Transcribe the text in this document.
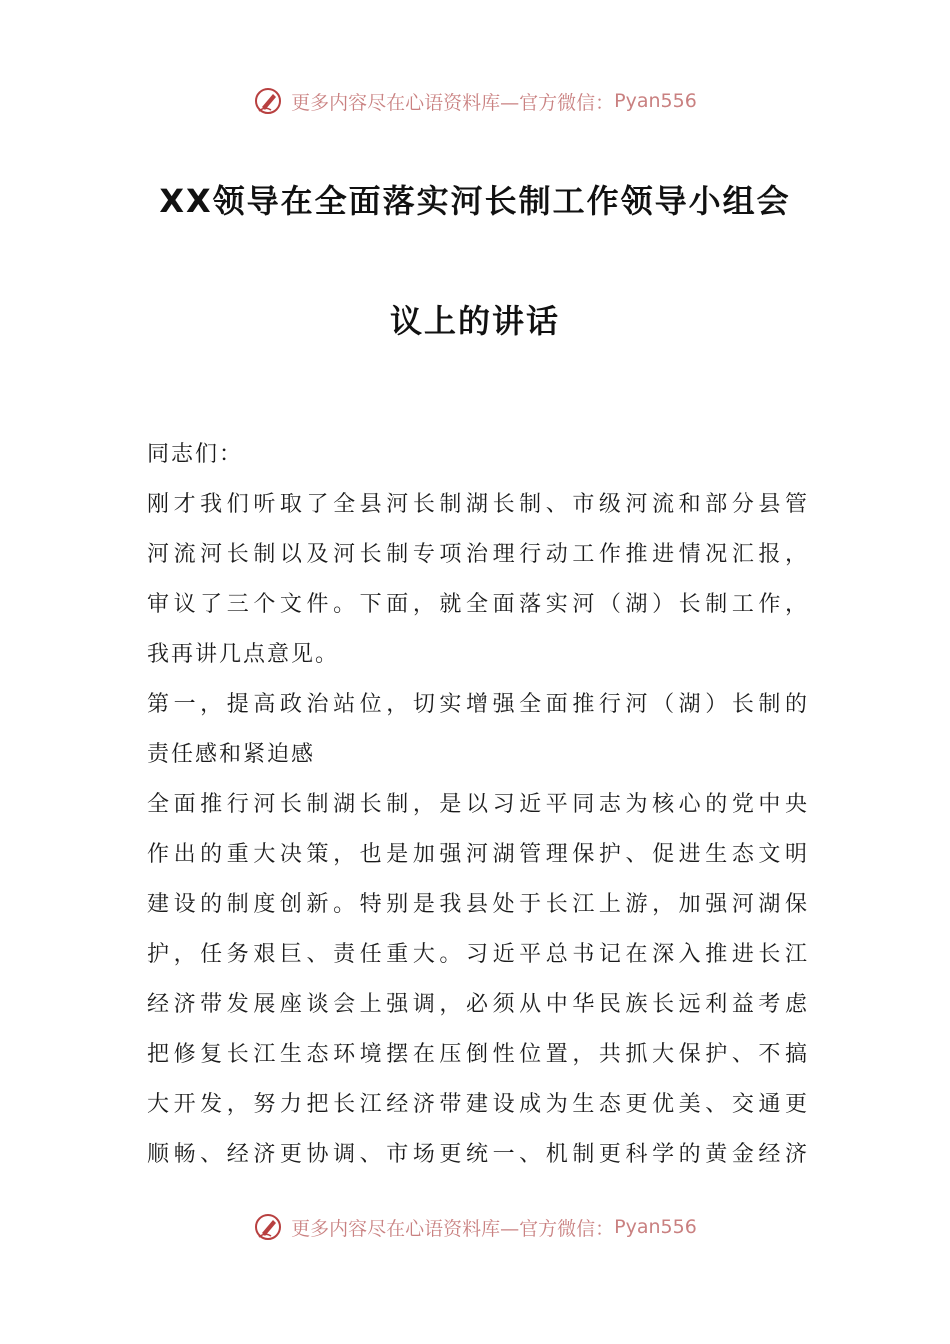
更多内容尽在心语资料库—官方微信： Pyan556
XX领导在全面落实河长制工作领导小组会
议上的讲话
同志们：
刚才我们听取了全县河长制湖长制、市级河流和部分县管
河流河长制以及河长制专项治理行动工作推进情况汇报，
审议了三个文件。下面，就全面落实河（湖）长制工作，
我再讲几点意见。
第一，提高政治站位，切实增强全面推行河（湖）长制的
责任感和紧迫感
全面推行河长制湖长制，是以习近平同志为核心的党中央
作出的重大决策，也是加强河湖管理保护、促进生态文明
建设的制度创新。特别是我县处于长江上游，加强河湖保
护，任务艰巨、责任重大。习近平总书记在深入推进长江
经济带发展座谈会上强调，必须从中华民族长远利益考虑
把修复长江生态环境摆在压倒性位置，共抓大保护、不搞
大开发，努力把长江经济带建设成为生态更优美、交通更
顺畅、经济更协调、市场更统一、机制更科学的黄金经济
更多内容尽在心语资料库—官方微信： Pyan556
